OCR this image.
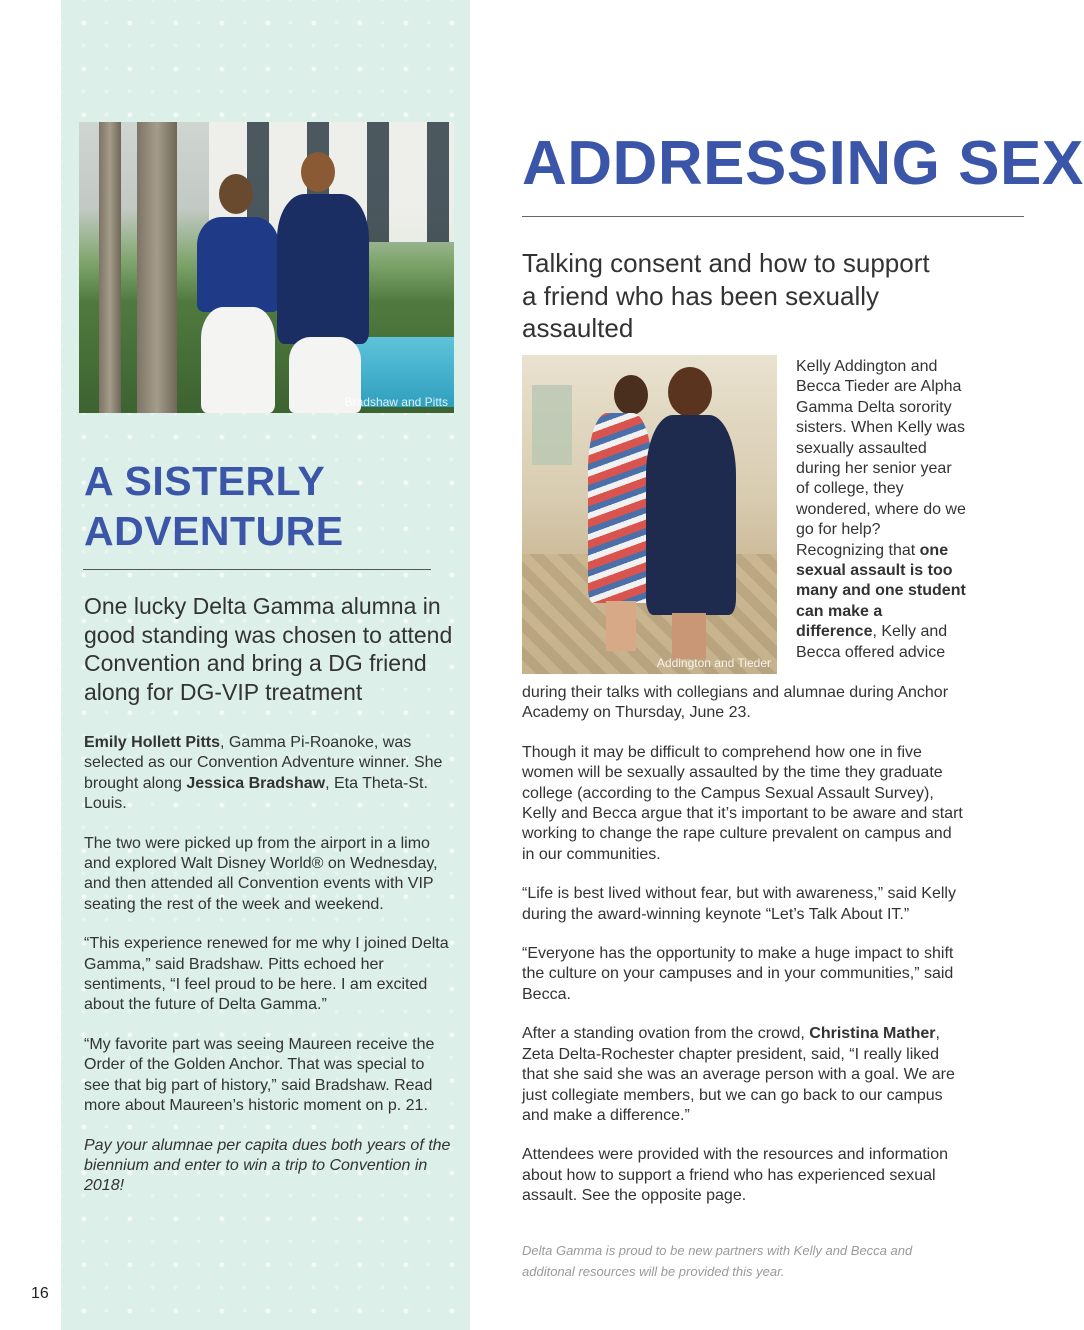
Bradshaw and Pitts
A SISTERLY
ADVENTURE

One lucky Delta Gamma alumna in good standing was chosen to attend Convention and bring a DG friend along for DG-VIP treatment

Emily Hollett Pitts, Gamma Pi-Roanoke, was selected as our Convention Adventure winner. She brought along Jessica Bradshaw, Eta Theta-St. Louis.

The two were picked up from the airport in a limo and explored Walt Disney World® on Wednesday, and then attended all Convention events with VIP seating the rest of the week and weekend.

“This experience renewed for me why I joined Delta Gamma,” said Bradshaw. Pitts echoed her sentiments, “I feel proud to be here. I am excited about the future of Delta Gamma.”

“My favorite part was seeing Maureen receive the Order of the Golden Anchor. That was special to see that big part of history,” said Bradshaw. Read more about Maureen’s historic moment on p. 21.

Pay your alumnae per capita dues both years of the biennium and enter to win a trip to Convention in 2018!

ADDRESSING SEX

Talking consent and how to support a friend who has been sexually assaulted

Addington and Tieder

Kelly Addington and Becca Tieder are Alpha Gamma Delta sorority sisters. When Kelly was sexually assaulted during her senior year of college, they wondered, where do we go for help? Recognizing that one sexual assault is too many and one student can make a difference, Kelly and Becca offered advice

during their talks with collegians and alumnae during Anchor Academy on Thursday, June 23.

Though it may be difficult to comprehend how one in five women will be sexually assaulted by the time they graduate college (according to the Campus Sexual Assault Survey), Kelly and Becca argue that it’s important to be aware and start working to change the rape culture prevalent on campus and in our communities.

“Life is best lived without fear, but with awareness,” said Kelly during the award-winning keynote “Let’s Talk About IT.”

“Everyone has the opportunity to make a huge impact to shift the culture on your campuses and in your communities,” said Becca.

After a standing ovation from the crowd, Christina Mather, Zeta Delta-Rochester chapter president, said, “I really liked that she said she was an average person with a goal. We are just collegiate members, but we can go back to our campus and make a difference.”

Attendees were provided with the resources and information about how to support a friend who has experienced sexual assault. See the opposite page.

Delta Gamma is proud to be new partners with Kelly and Becca and additonal resources will be provided this year.

16
